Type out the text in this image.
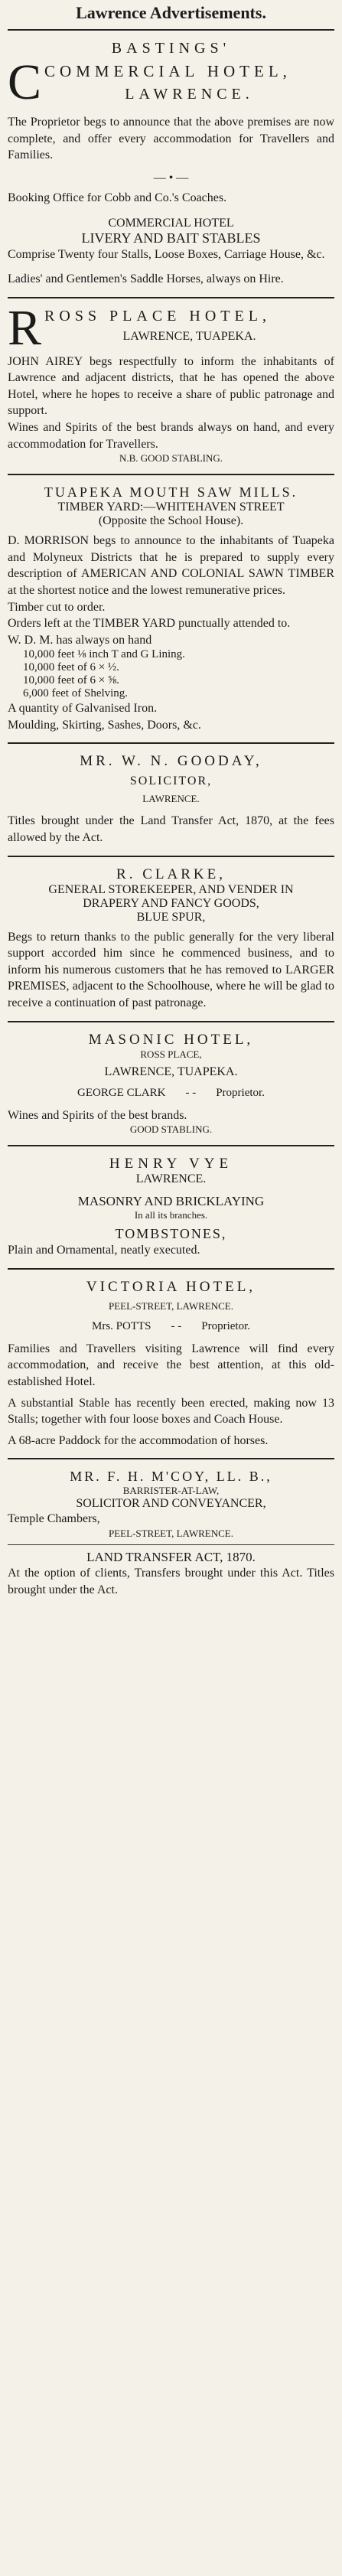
Lawrence Advertisements.
BASTINGS'
C COMMERCIAL HOTEL,
LAWRENCE.
The Proprietor begs to announce that the above premises are now complete, and offer every accommodation for Travellers and Families.
— • —
Booking Office for Cobb and Co.'s Coaches.
COMMERCIAL HOTEL
LIVERY AND BAIT STABLES
Comprise Twenty four Stalls, Loose Boxes, Carriage House, &c.
Ladies' and Gentlemen's Saddle Horses, always on Hire.
R ROSS PLACE HOTEL,
LAWRENCE, TUAPEKA.
JOHN AIREY begs respectfully to inform the inhabitants of Lawrence and adjacent districts, that he has opened the above Hotel, where he hopes to receive a share of public patronage and support.
Wines and Spirits of the best brands always on hand, and every accommodation for Travellers.
N.B. GOOD STABLING.
TUAPEKA MOUTH SAW MILLS.
TIMBER YARD:—WHITEHAVEN STREET
(Opposite the School House).
D. MORRISON begs to announce to the inhabitants of Tuapeka and Molyneux Districts that he is prepared to supply every description of AMERICAN AND COLONIAL SAWN TIMBER at the shortest notice and the lowest remunerative prices.
Timber cut to order.
Orders left at the TIMBER YARD punctually attended to.
W. D. M. has always on hand
10,000 feet ⅛ inch T and G Lining.
10,000 feet of 6 × ½.
10,000 feet of 6 × ⅝.
6,000 feet of Shelving.
A quantity of Galvanised Iron.
Moulding, Skirting, Sashes, Doors, &c.
MR. W. N. GOODAY,
SOLICITOR,
LAWRENCE.
Titles brought under the Land Transfer Act, 1870, at the fees allowed by the Act.
R. CLARKE,
GENERAL STOREKEEPER, AND VENDER IN
DRAPERY AND FANCY GOODS,
BLUE SPUR,
Begs to return thanks to the public generally for the very liberal support accorded him since he commenced business, and to inform his numerous customers that he has removed to LARGER PREMISES, adjacent to the Schoolhouse, where he will be glad to receive a continuation of past patronage.
MASONIC HOTEL,
ROSS PLACE,
LAWRENCE, TUAPEKA.
GEORGE CLARK - - Proprietor.
Wines and Spirits of the best brands.
GOOD STABLING.
HENRY VYE
LAWRENCE.
MASONRY AND BRICKLAYING
In all its branches.
TOMBSTONES,
Plain and Ornamental, neatly executed.
VICTORIA HOTEL,
PEEL-STREET, LAWRENCE.
Mrs. POTTS - - Proprietor.
Families and Travellers visiting Lawrence will find every accommodation, and receive the best attention, at this old-established Hotel.
A substantial Stable has recently been erected, making now 13 Stalls; together with four loose boxes and Coach House.
A 68-acre Paddock for the accommodation of horses.
MR. F. H. M'COY, LL. B.,
BARRISTER-AT-LAW,
SOLICITOR AND CONVEYANCER,
Temple Chambers,
PEEL-STREET, LAWRENCE.
LAND TRANSFER ACT, 1870.
At the option of clients, Transfers brought under this Act. Titles brought under the Act.
